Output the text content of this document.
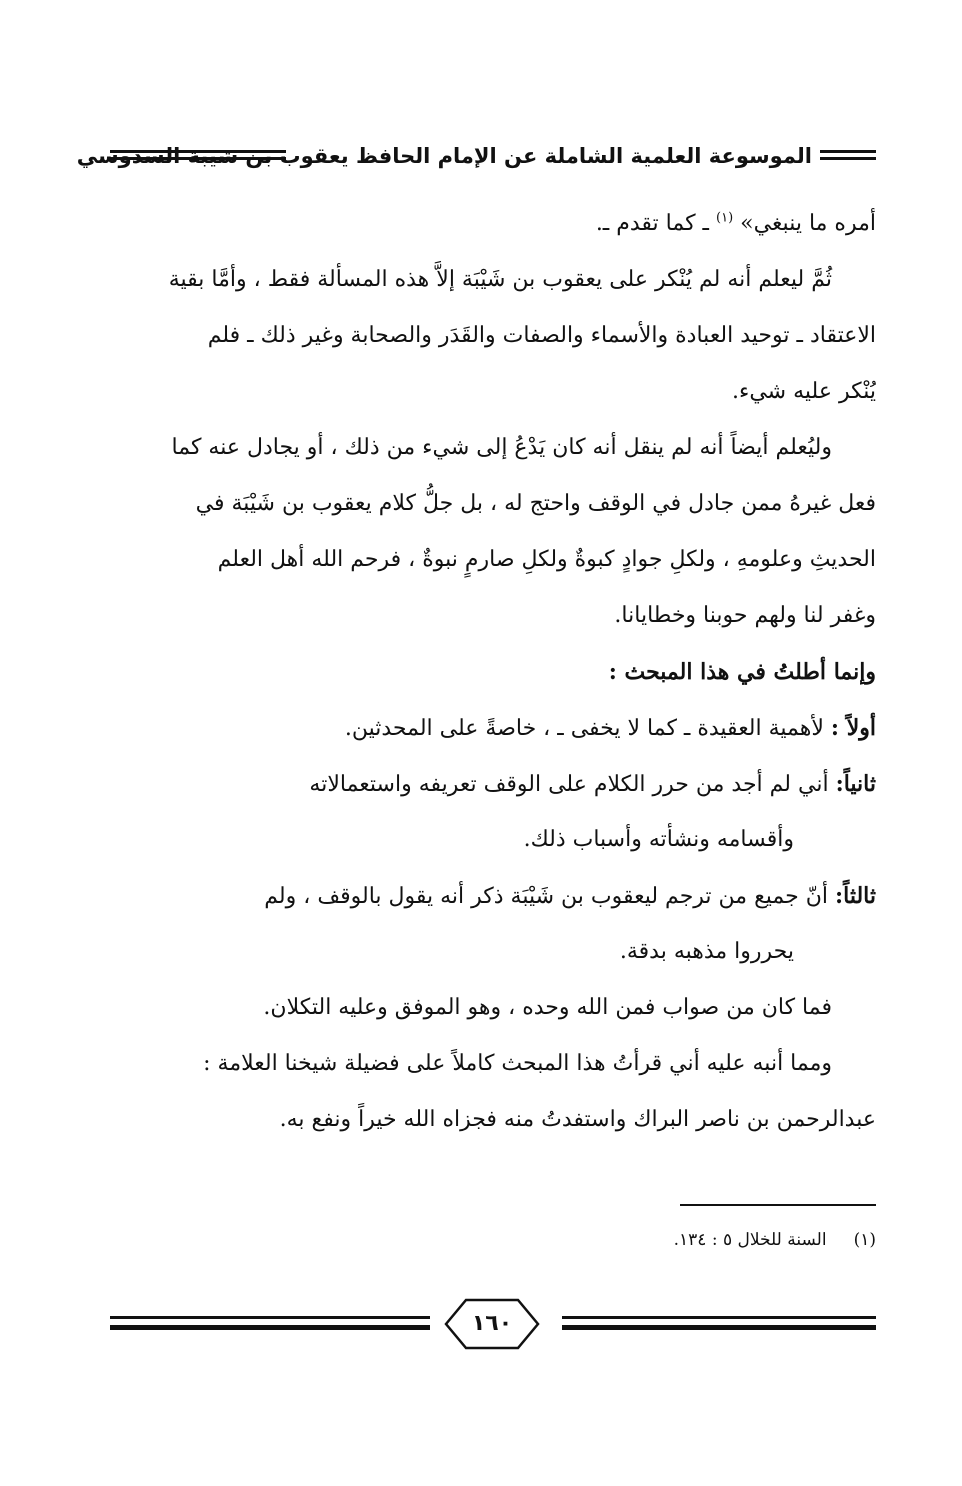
الموسوعة العلمية الشاملة عن الإمام الحافظ يعقوب بن شيبة السدوسي
أمره ما ينبغي» $^{(١)}$ ـ كما تقدم ـ.
ثُمَّ ليعلم أنه لم يُنْكر على يعقوب بن شَيْبَة إلاَّ هذه المسألة فقط ، وأمَّا بقية
الاعتقاد ـ توحيد العبادة والأسماء والصفات والقَدَر والصحابة وغير ذلك ـ فلم
يُنْكر عليه شيء.
وليُعلم أيضاً أنه لم ينقل أنه كان يَدْعُ إلى شيء من ذلك ، أو يجادل عنه كما
فعل غيرهُ ممن جادل في الوقف واحتج له ، بل جلُّ كلام يعقوب بن شَيْبَة في
الحديثِ وعلومهِ ، ولكلِ جوادٍ كبوةٌ ولكلِ صارمٍ نبوةٌ ، فرحم الله أهل العلم
وغفر لنا ولهم حوبنا وخطايانا.
وإنما أطلتُ في هذا المبحث :
أولاً : لأهمية العقيدة ـ كما لا يخفى ـ ، خاصةً على المحدثين.
ثانياً: أني لم أجد من حرر الكلام على الوقف تعريفه واستعمالاته
وأقسامه ونشأته وأسباب ذلك.
ثالثاً: أنّ جميع من ترجم ليعقوب بن شَيْبَة ذكر أنه يقول بالوقف ، ولم
يحرروا مذهبه بدقة.
فما كان من صواب فمن الله وحده ، وهو الموفق وعليه التكلان.
ومما أنبه عليه أني قرأتُ هذا المبحث كاملاً على فضيلة شيخنا العلامة :
عبدالرحمن بن ناصر البراك واستفدتُ منه فجزاه الله خيراً ونفع به.
(١)     السنة للخلال ٥ : ١٣٤.
١٦٠
